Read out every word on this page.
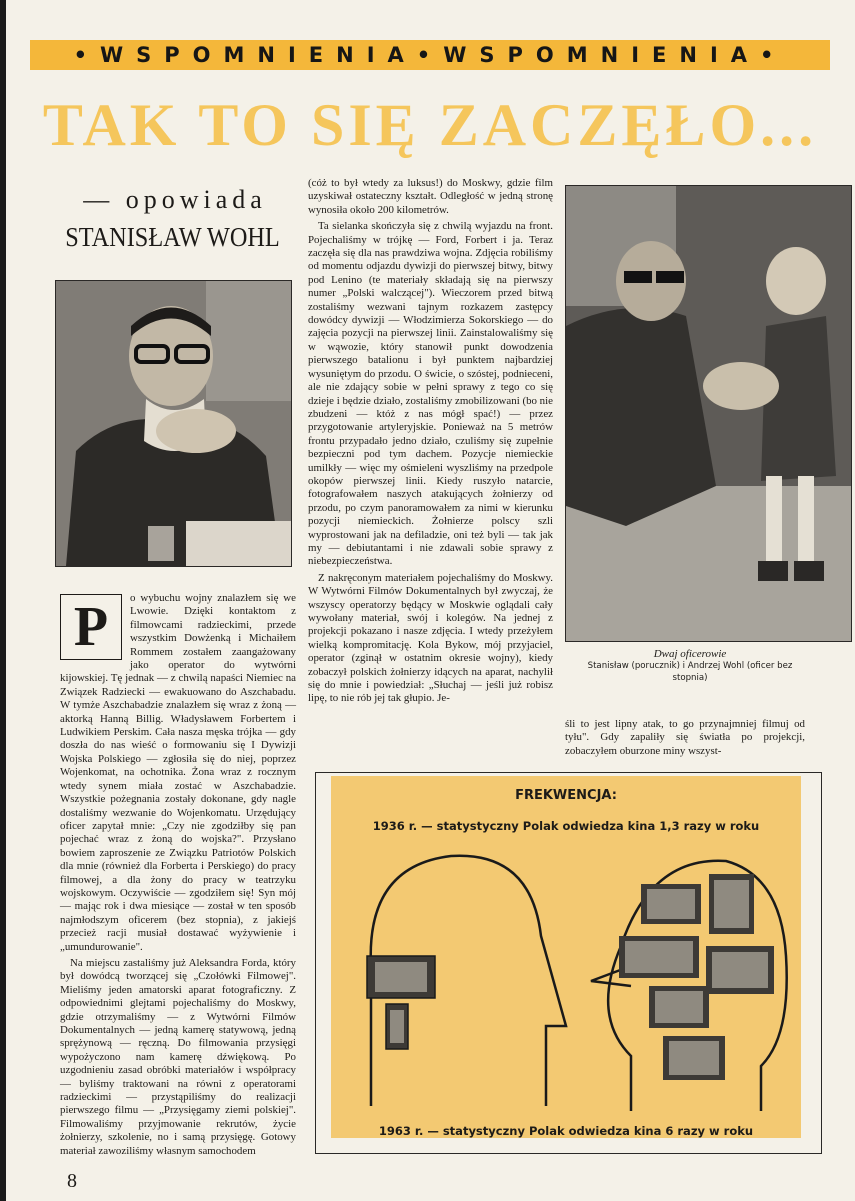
•WSPOMNIENIA•WSPOMNIENIA•
TAK TO SIĘ ZACZĘŁO...
— opowiada
STANISŁAW WOHL
P	o wybuchu wojny znalazłem się we Lwowie. Dzięki kontaktom z filmowcami radzieckimi, przede wszystkim Dowżenką i Michaiłem Rommem zostałem zaangażowany jako operator do wytwórni kijowskiej. Tę jednak — z chwilą napaści Niemiec na Związek Radziecki — ewakuowano do Aszchabadu. W tymże Aszchabadzie znalazłem się wraz z żoną — aktorką Hanną Billig. Władysławem Forbertem i Ludwikiem Perskim. Cała nasza męska trójka — gdy doszła do nas wieść o formowaniu się I Dywizji Wojska Polskiego — zgłosiła się do niej, poprzez Wojenkomat, na ochotnika. Żona wraz z rocznym wtedy synem miała zostać w Aszchabadzie. Wszystkie pożegnania zostały dokonane, gdy nagle dostaliśmy wezwanie do Wojenkomatu. Urzędujący oficer zapytał mnie: „Czy nie zgodziłby się pan pojechać wraz z żoną do wojska?". Przysłano bowiem zaproszenie ze Związku Patriotów Polskich dla mnie (również dla Forberta i Perskiego) do pracy filmowej, a dla żony do pracy w teatrzyku wojskowym. Oczywiście — zgodziłem się! Syn mój — mając rok i dwa miesiące — został w ten sposób najmłodszym oficerem (bez stopnia), z jakiejś przecież racji musiał dostawać wyżywienie i „umundurowanie".

Na miejscu zastaliśmy już Aleksandra Forda, który był dowódcą tworzącej się „Czołówki Filmowej". Mieliśmy jeden amatorski aparat fotograficzny. Z odpowiednimi glejtami pojechaliśmy do Moskwy, gdzie otrzymaliśmy — z Wytwórni Filmów Dokumentalnych — jedną kamerę statywową, jedną sprężynową — ręczną. Do filmowania przysięgi wypożyczono nam kamerę dźwiękową. Po uzgodnieniu zasad obróbki materiałów i współpracy — byliśmy traktowani na równi z operatorami radzieckimi — przystąpiliśmy do realizacji pierwszego filmu — „Przysięgamy ziemi polskiej". Filmowaliśmy przyjmowanie rekrutów, życie żołnierzy, szkolenie, no i samą przysięgę. Gotowy materiał zawoziliśmy własnym samochodem

(cóż to był wtedy za luksus!) do Moskwy, gdzie film uzyskiwał ostateczny kształt. Odległość w jedną stronę wynosiła około 200 kilometrów.

Ta sielanka skończyła się z chwilą wyjazdu na front. Pojechaliśmy w trójkę — Ford, Forbert i ja. Teraz zaczęła się dla nas prawdziwa wojna. Zdjęcia robiliśmy od momentu odjazdu dywizji do pierwszej bitwy, bitwy pod Lenino (te materiały składają się na pierwszy numer „Polski walczącej"). Wieczorem przed bitwą zostaliśmy wezwani tajnym rozkazem zastępcy dowódcy dywizji — Włodzimierza Sokorskiego — do zajęcia pozycji na pierwszej linii. Zainstalowaliśmy się w wąwozie, który stanowił punkt dowodzenia pierwszego batalionu i był punktem najbardziej wysuniętym do przodu. O świcie, o szóstej, podnieceni, ale nie zdający sobie w pełni sprawy z tego co się dzieje i będzie działo, zostaliśmy zmobilizowani (bo nie zbudzeni — któż z nas mógł spać!) — przez przygotowanie artyleryjskie. Ponieważ na 5 metrów frontu przypadało jedno działo, czuliśmy się zupełnie bezpieczni pod tym dachem. Pozycje niemieckie umilkły — więc my ośmieleni wyszliśmy na przedpole okopów pierwszej linii. Kiedy ruszyło natarcie, fotografowałem naszych atakujących żołnierzy od przodu, po czym panoramowałem za nimi w kierunku pozycji niemieckich. Żołnierze polscy szli wyprostowani jak na defiladzie, oni też byli — tak jak my — debiutantami i nie zdawali sobie sprawy z niebezpieczeństwa.

Z nakręconym materiałem pojechaliśmy do Moskwy. W Wytwórni Filmów Dokumentalnych był zwyczaj, że wszyscy operatorzy będący w Moskwie oglądali cały wywołany materiał, swój i kolegów. Na jednej z projekcji pokazano i nasze zdjęcia. I wtedy przeżyłem wielką kompromitację. Kola Bykow, mój przyjaciel, operator (zginął w ostatnim okresie wojny), kiedy zobaczył polskich żołnierzy idących na aparat, nachylił się do mnie i powiedział: „Słuchaj — jeśli już robisz lipę, to nie rób jej tak głupio. Je-

Dwaj oficerowie
Stanisław (porucznik) i Andrzej Wohl (oficer bez stopnia)

śli to jest lipny atak, to go przynajmniej filmuj od tyłu". Gdy zapaliły się światła po projekcji, zobaczyłem oburzone miny wszyst-

FREKWENCJA:
1936 r. — statystyczny Polak odwiedza kina 1,3 razy w roku
1963 r. — statystyczny Polak odwiedza kina 6 razy w roku
8
